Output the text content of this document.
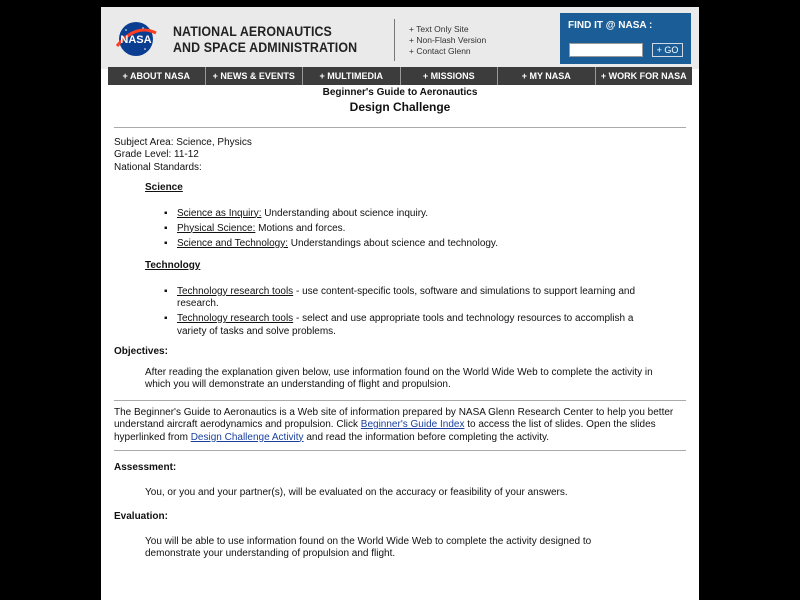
NASA
NATIONAL AERONAUTICS
AND SPACE ADMINISTRATION
+ Text Only Site
+ Non-Flash Version
+ Contact Glenn
FIND IT @ NASA :
+ GO
+ ABOUT NASA	+ NEWS & EVENTS	+ MULTIMEDIA	+ MISSIONS	+ MY NASA	+ WORK FOR NASA
Beginner's Guide to Aeronautics
Design Challenge
Subject Area: Science, Physics
Grade Level: 11-12
National Standards:
Science
▪ Science as Inquiry: Understanding about science inquiry.
▪ Physical Science: Motions and forces.
▪ Science and Technology: Understandings about science and technology.
Technology
▪ Technology research tools - use content-specific tools, software and simulations to support learning and research.
▪ Technology research tools - select and use appropriate tools and technology resources to accomplish a variety of tasks and solve problems.
Objectives:
After reading the explanation given below, use information found on the World Wide Web to complete the activity in which you will demonstrate an understanding of flight and propulsion.
The Beginner's Guide to Aeronautics is a Web site of information prepared by NASA Glenn Research Center to help you better understand aircraft aerodynamics and propulsion. Click Beginner's Guide Index to access the list of slides. Open the slides hyperlinked from Design Challenge Activity and read the information before completing the activity.
Assessment:
You, or you and your partner(s), will be evaluated on the accuracy or feasibility of your answers.
Evaluation:
You will be able to use information found on the World Wide Web to complete the activity designed to demonstrate your understanding of propulsion and flight.
